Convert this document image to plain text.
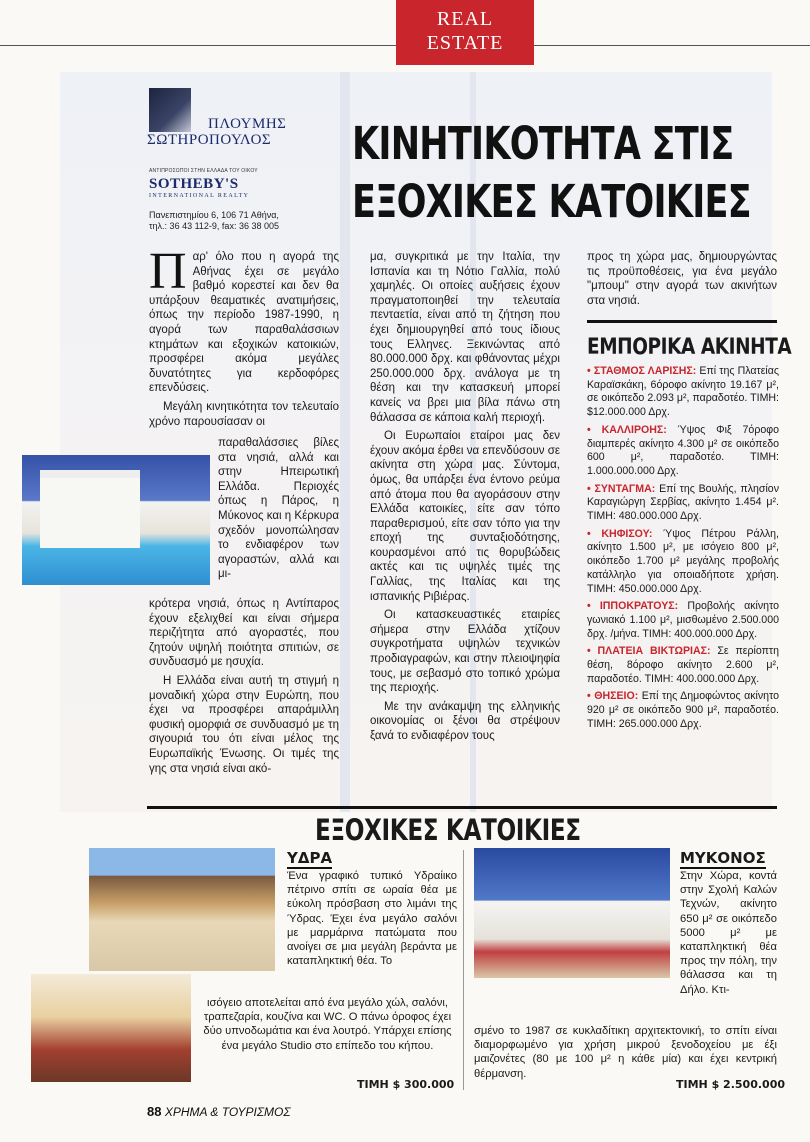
REAL
ESTATE
ΠΛΟΥΜΗΣ
ΣΩΤΗΡΟΠΟΥΛΟΣ
ΑΝΤΙΠΡΟΣΩΠΟΙ ΣΤΗΝ ΕΛΛΑΔΑ ΤΟΥ ΟΙΚΟΥ
SOTHEBY'S
INTERNATIONAL REALTY
Πανεπιστημίου 6, 106 71 Αθήνα,
τηλ.: 36 43 112-9, fax: 36 38 005
ΚΙΝΗΤΙΚΟΤΗΤΑ ΣΤΙΣ
ΕΞΟΧΙΚΕΣ ΚΑΤΟΙΚΙΕΣ

Παρ' όλο που η αγορά της Αθήνας έχει σε μεγάλο βαθμό κορεστεί και δεν θα υπάρξουν θεαματικές ανατιμήσεις, όπως την περίοδο 1987-1990, η αγορά των παραθαλάσσιων κτημάτων και εξοχικών κατοικιών, προσφέρει ακόμα μεγάλες δυνατότητες για κερδοφόρες επενδύσεις.

Μεγάλη κινητικότητα τον τελευταίο χρόνο παρουσίασαν οι

παραθαλάσσιες βίλες στα νησιά, αλλά και στην Ηπειρωτική Ελλάδα. Περιοχές όπως η Πάρος, η Μύκονος και η Κέρκυρα σχεδόν μονοπώλησαν το ενδιαφέρον των αγοραστών, αλλά και μι-

κρότερα νησιά, όπως η Αντίπαρος έχουν εξελιχθεί και είναι σήμερα περιζήτητα από αγοραστές, που ζητούν υψηλή ποιότητα σπιτιών, σε συνδυασμό με ησυχία.

Η Ελλάδα είναι αυτή τη στιγμή η μοναδική χώρα στην Ευρώπη, που έχει να προσφέρει απαράμιλλη φυσική ομορφιά σε συνδυασμό με τη σιγουριά του ότι είναι μέλος της Ευρωπαϊκής Ένωσης. Οι τιμές της γης στα νησιά είναι ακό-

μα, συγκριτικά με την Ιταλία, την Ισπανία και τη Νότιο Γαλλία, πολύ χαμηλές. Οι οποίες αυξήσεις έχουν πραγματοποιηθεί την τελευταία πενταετία, είναι από τη ζήτηση που έχει δημιουργηθεί από τους ίδιους τους Ελληνες. Ξεκινώντας από 80.000.000 δρχ. και φθάνοντας μέχρι 250.000.000 δρχ. ανάλογα με τη θέση και την κατασκευή μπορεί κανείς να βρει μια βίλα πάνω στη θάλασσα σε κάποια καλή περιοχή.

Οι Ευρωπαίοι εταίροι μας δεν έχουν ακόμα έρθει να επενδύσουν σε ακίνητα στη χώρα μας. Σύντομα, όμως, θα υπάρξει ένα έντονο ρεύμα από άτομα που θα αγοράσουν στην Ελλάδα κατοικίες, είτε σαν τόπο παραθερισμού, είτε σαν τόπο για την εποχή της συνταξιοδότησης, κουρασμένοι από τις θορυβώδεις ακτές και τις υψηλές τιμές της Γαλλίας, της Ιταλίας και της ισπανικής Ριβιέρας.

Οι κατασκευαστικές εταιρίες σήμερα στην Ελλάδα χτίζουν συγκροτήματα υψηλών τεχνικών προδιαγραφών, και στην πλειοψηφία τους, με σεβασμό στο τοπικό χρώμα της περιοχής.

Με την ανάκαμψη της ελληνικής οικονομίας οι ξένοι θα στρέψουν ξανά το ενδιαφέρον τους

προς τη χώρα μας, δημιουργώντας τις προϋποθέσεις, για ένα μεγάλο "μπουμ" στην αγορά των ακινήτων στα νησιά.

ΕΜΠΟΡΙΚΑ ΑΚΙΝΗΤΑ
• ΣΤΑΘΜΟΣ ΛΑΡΙΣΗΣ: Επί της Πλατείας Καραϊσκάκη, 6όροφο ακίνητο 19.167 μ², σε οικόπεδο 2.093 μ², παραδοτέο. ΤΙΜΗ: $12.000.000 Δρχ.
• ΚΑΛΛΙΡΟΗΣ: Ύψος Φιξ 7όροφο διαμπερές ακίνητο 4.300 μ² σε οικόπεδο 600 μ², παραδοτέο. ΤΙΜΗ: 1.000.000.000 Δρχ.
• ΣΥΝΤΑΓΜΑ: Επί της Βουλής, πλησίον Καραγιώργη Σερβίας, ακίνητο 1.454 μ². ΤΙΜΗ: 480.000.000 Δρχ.
• ΚΗΦΙΣΟΥ: Ύψος Πέτρου Ράλλη, ακίνητο 1.500 μ², με ισόγειο 800 μ², οικόπεδο 1.700 μ² μεγάλης προβολής κατάλληλο για οποιαδήποτε χρήση. ΤΙΜΗ: 450.000.000 Δρχ.
• ΙΠΠΟΚΡΑΤΟΥΣ: Προβολής ακίνητο γωνιακό 1.100 μ², μισθωμένο 2.500.000 δρχ. /μήνα. ΤΙΜΗ: 400.000.000 Δρχ.
• ΠΛΑΤΕΙΑ ΒΙΚΤΩΡΙΑΣ: Σε περίοπτη θέση, 8όροφο ακίνητο 2.600 μ², παραδοτέο. ΤΙΜΗ: 400.000.000 Δρχ.
• ΘΗΣΕΙΟ: Επί της Δημοφώντος ακίνητο 920 μ² σε οικόπεδο 900 μ², παραδοτέο. ΤΙΜΗ: 265.000.000 Δρχ.
ΕΞΟΧΙΚΕΣ ΚΑΤΟΙΚΙΕΣ
ΥΔΡΑ

Ένα γραφικό τυπικό Υδραίικο πέτρινο σπίτι σε ωραία θέα με εύκολη πρόσβαση στο λιμάνι της Ύδρας. Έχει ένα μεγάλο σαλόνι με μαρμάρινα πατώματα που ανοίγει σε μια μεγάλη βεράντα με καταπληκτική θέα. Το

ισόγειο αποτελείται από ένα μεγάλο χώλ, σαλόνι, τραπεζαρία, κουζίνα και WC. Ο πάνω όροφος έχει δύο υπνοδωμάτια και ένα λουτρό. Υπάρχει επίσης ένα μεγάλο Studio στο επίπεδο του κήπου.

ΤΙΜΗ $ 300.000
ΜΥΚΟΝΟΣ

Στην Χώρα, κοντά στην Σχολή Καλών Τεχνών, ακίνητο 650 μ² σε οικόπεδο 5000 μ² με καταπληκτική θέα προς την πόλη, την θάλασσα και τη Δήλο. Κτι-

σμένο το 1987 σε κυκλαδίτικη αρχιτεκτονική, το σπίτι είναι διαμορφωμένο για χρήση μικρού ξενοδοχείου με έξι μαιζονέτες (80 με 100 μ² η κάθε μία) και έχει κεντρική θέρμανση.

ΤΙΜΗ $ 2.500.000
88 ΧΡΗΜΑ & ΤΟΥΡΙΣΜΟΣ
